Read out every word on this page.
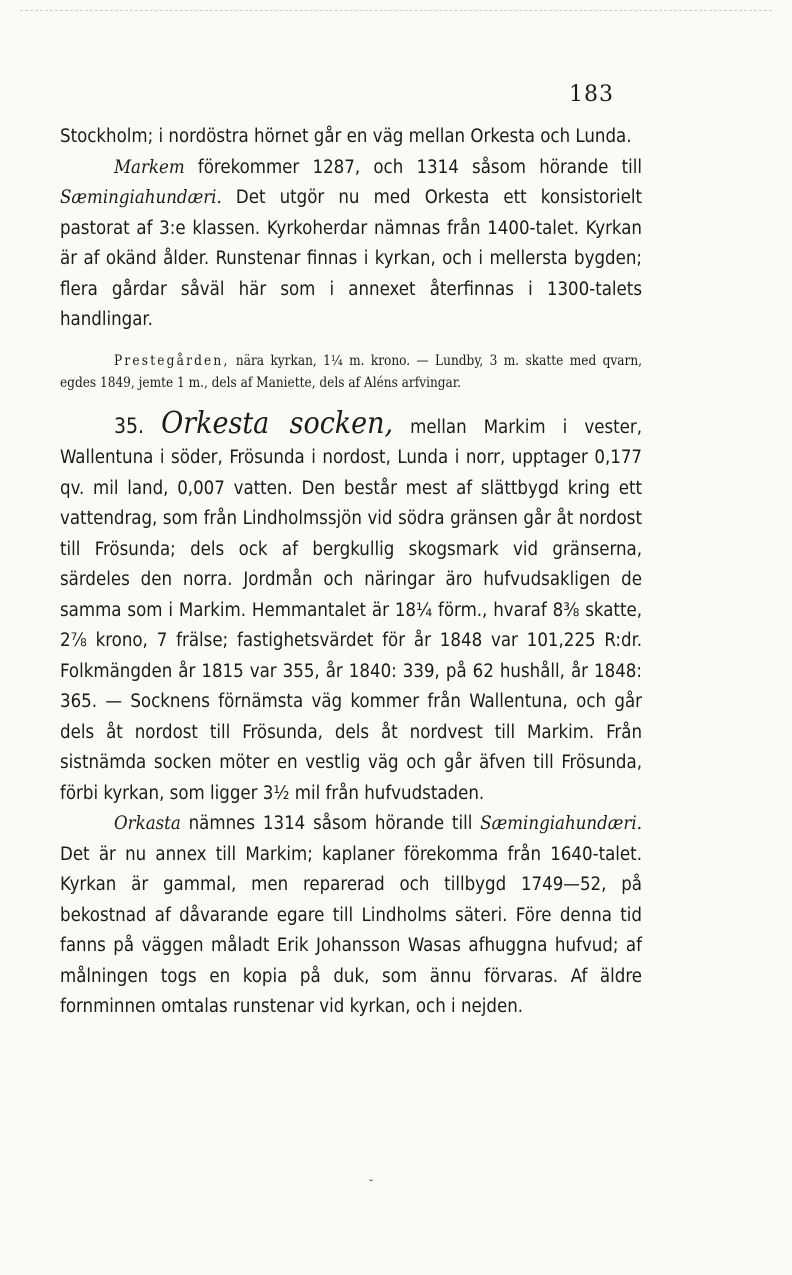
183

Stockholm; i nordöstra hörnet går en väg mellan Orkesta och Lunda.

Markem förekommer 1287, och 1314 såsom hörande till Sæmingiahundæri. Det utgör nu med Orkesta ett konsistorielt pastorat af 3:e klassen. Kyrkoherdar nämnas från 1400-talet. Kyrkan är af okänd ålder. Runstenar finnas i kyrkan, och i mellersta bygden; flera gårdar såväl här som i annexet återfinnas i 1300-talets handlingar.

Prestegården, nära kyrkan, 1¼ m. krono. — Lundby, 3 m. skatte med qvarn, egdes 1849, jemte 1 m., dels af Maniette, dels af Aléns arfvingar.

35. Orkesta socken, mellan Markim i vester, Wallentuna i söder, Frösunda i nordost, Lunda i norr, upptager 0,177 qv. mil land, 0,007 vatten. Den består mest af slättbygd kring ett vattendrag, som från Lindholmssjön vid södra gränsen går åt nordost till Frösunda; dels ock af bergkullig skogsmark vid gränserna, särdeles den norra. Jordmån och näringar äro hufvudsakligen de samma som i Markim. Hemmantalet är 18¼ förm., hvaraf 8⅜ skatte, 2⅞ krono, 7 frälse; fastighetsvärdet för år 1848 var 101,225 R:dr. Folkmängden år 1815 var 355, år 1840: 339, på 62 hushåll, år 1848: 365. — Socknens förnämsta väg kommer från Wallentuna, och går dels åt nordost till Frösunda, dels åt nordvest till Markim. Från sistnämda socken möter en vestlig väg och går äfven till Frösunda, förbi kyrkan, som ligger 3½ mil från hufvudstaden.

Orkasta nämnes 1314 såsom hörande till Sæmingiahundæri. Det är nu annex till Markim; kaplaner förekomma från 1640-talet. Kyrkan är gammal, men reparerad och tillbygd 1749—52, på bekostnad af dåvarande egare till Lindholms säteri. Före denna tid fanns på väggen måladt Erik Johansson Wasas afhuggna hufvud; af målningen togs en kopia på duk, som ännu förvaras. Af äldre fornminnen omtalas runstenar vid kyrkan, och i nejden.

˘
